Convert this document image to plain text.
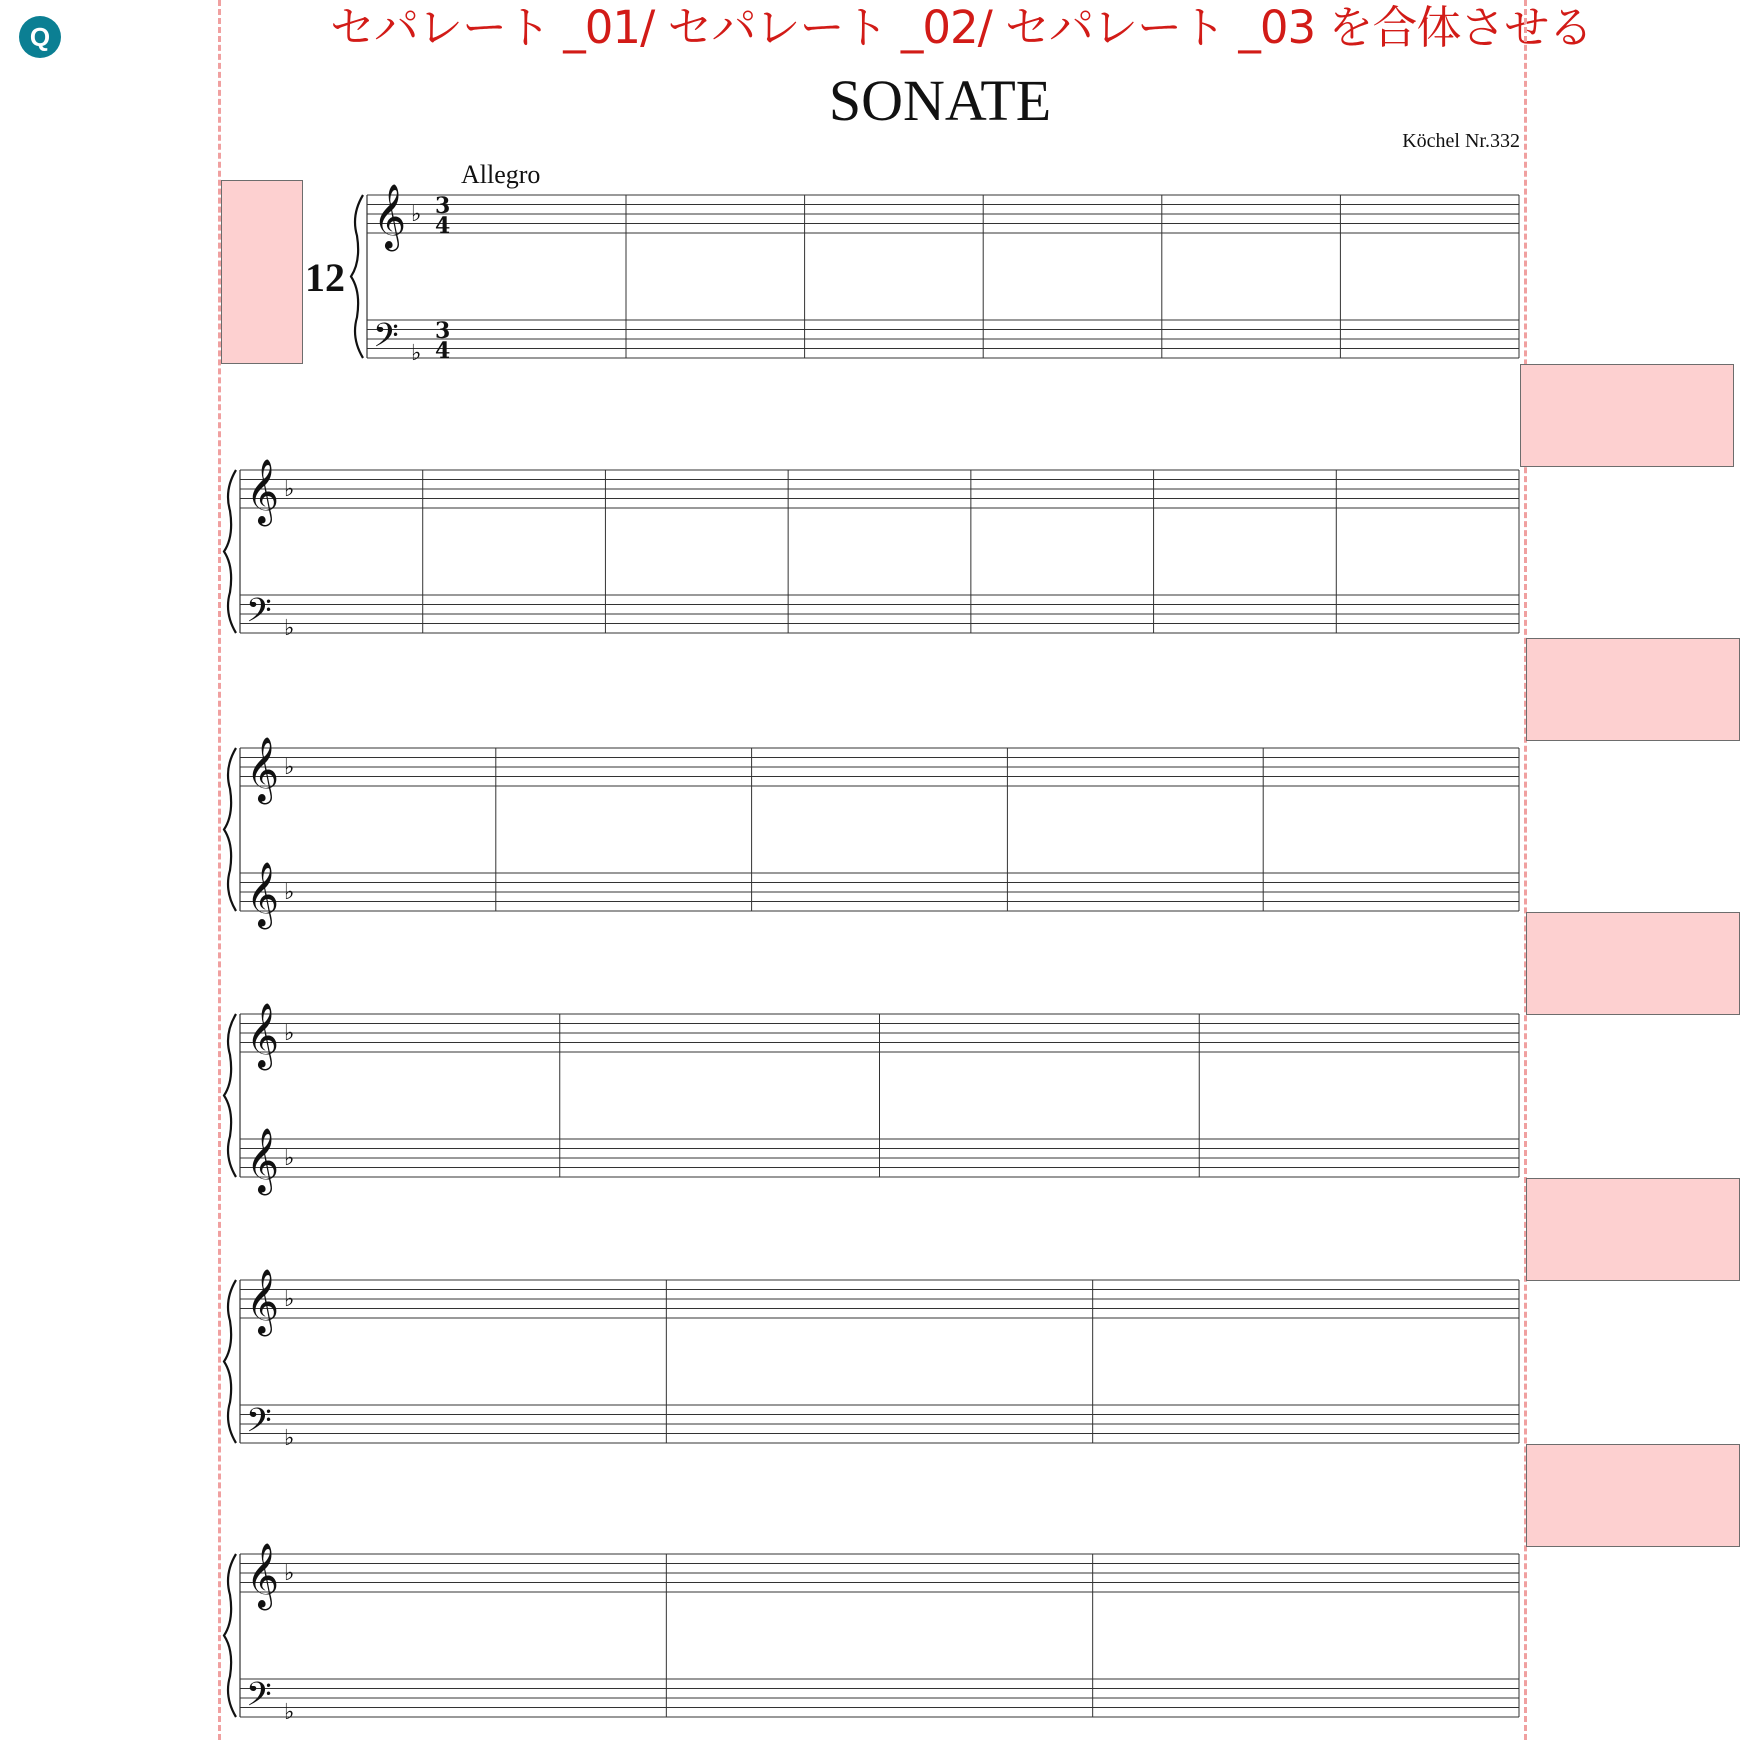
Q	セパレート _01/ セパレート _02/ セパレート _03 を合体させる
𝄞
𝄢
♭
♭
3
4
3
4
𝄞
𝄢
♭
♭
𝄞
𝄞
♭
♭
𝄞
𝄞
♭
♭
𝄞
𝄢
♭
♭
𝄞
𝄢
♭
♭
SONATE
Köchel Nr.332
Allegro
12
